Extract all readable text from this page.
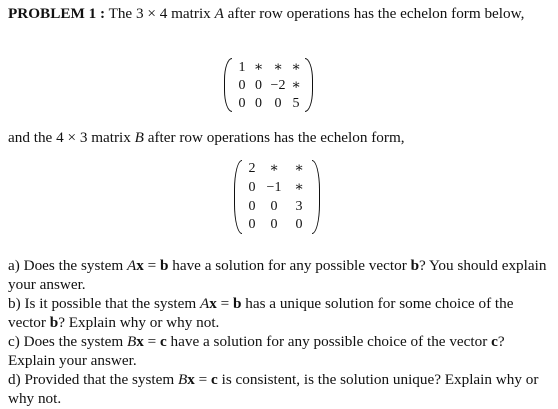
PROBLEM 1 : The 3 × 4 matrix A after row operations has the echelon form below,
1 ∗ ∗ ∗
0 0 −2 ∗
0 0 0 5
and the 4 × 3 matrix B after row operations has the echelon form,
2 ∗	∗
0 −1 ∗
0	0	3
0	0	0
a) Does the system Ax = b have a solution for any possible vector b? You should explain your answer.
b) Is it possible that the system Ax = b has a unique solution for some choice of the vector b? Explain why or why not.
c) Does the system Bx = c have a solution for any possible choice of the vector c? Explain your answer.
d) Provided that the system Bx = c is consistent, is the solution unique? Explain why or why not.
